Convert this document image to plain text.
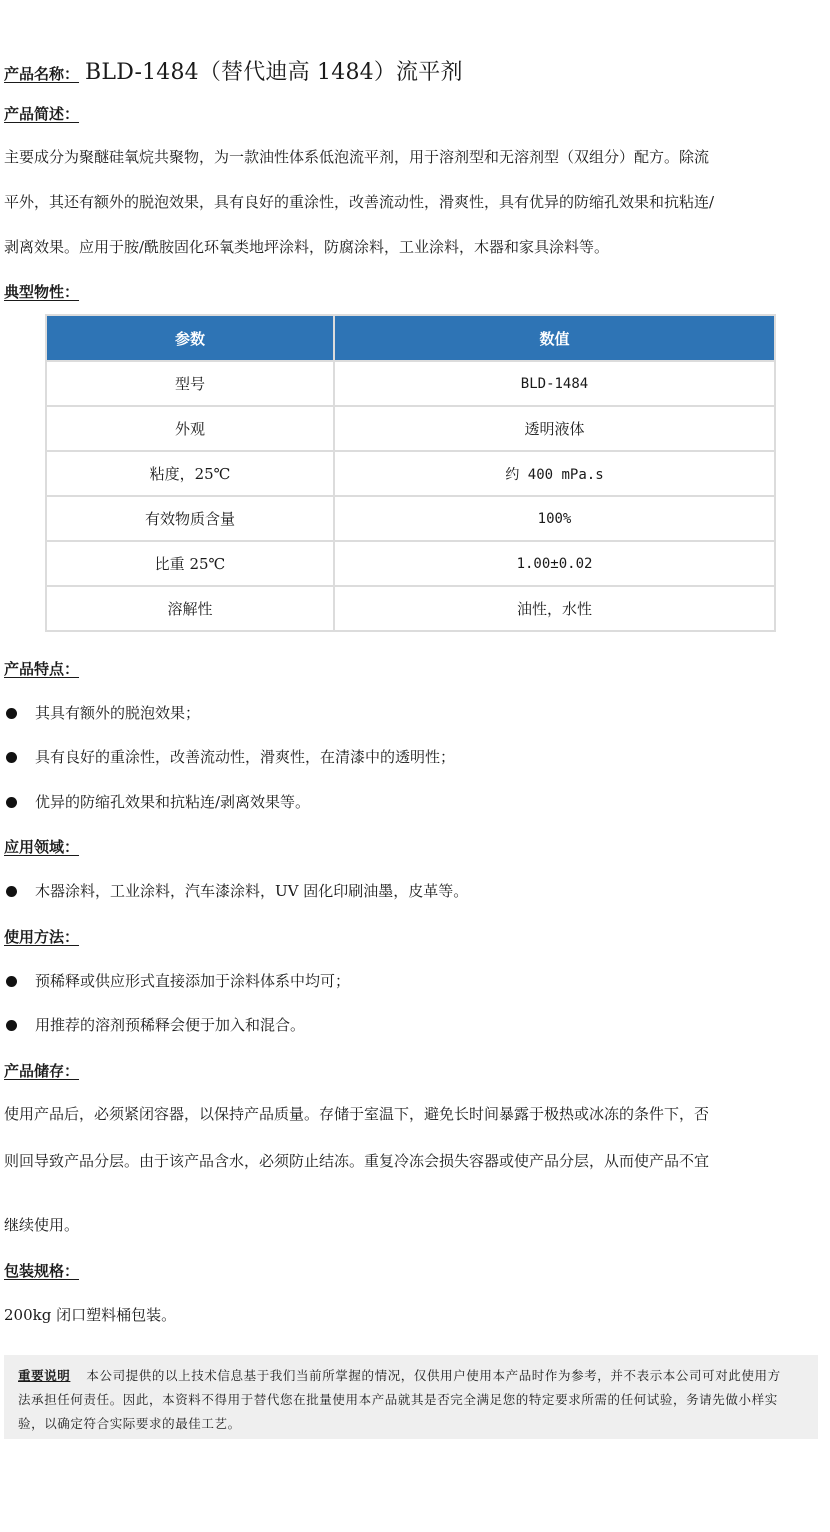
产品名称： BLD-1484（替代迪高 1484）流平剂
产品简述：
主要成分为聚醚硅氧烷共聚物，为一款油性体系低泡流平剂，用于溶剂型和无溶剂型（双组分）配方。除流
平外，其还有额外的脱泡效果，具有良好的重涂性，改善流动性，滑爽性，具有优异的防缩孔效果和抗粘连/
剥离效果。应用于胺/酰胺固化环氧类地坪涂料，防腐涂料，工业涂料，木器和家具涂料等。
典型物性：
参数	数值
型号	BLD-1484
外观	透明液体
粘度，25℃	约 400 mPa.s
有效物质含量	100%
比重 25℃	1.00±0.02
溶解性	油性，水性
产品特点：
其具有额外的脱泡效果；
具有良好的重涂性，改善流动性，滑爽性，在清漆中的透明性；
优异的防缩孔效果和抗粘连/剥离效果等。
应用领域：
木器涂料，工业涂料，汽车漆涂料，UV 固化印刷油墨，皮革等。
使用方法：
预稀释或供应形式直接添加于涂料体系中均可；
用推荐的溶剂预稀释会便于加入和混合。
产品储存：
使用产品后，必须紧闭容器，以保持产品质量。存储于室温下，避免长时间暴露于极热或冰冻的条件下，否
则回导致产品分层。由于该产品含水，必须防止结冻。重复冷冻会损失容器或使产品分层，从而使产品不宜
继续使用。
包装规格：
200kg 闭口塑料桶包装。
重要说明 本公司提供的以上技术信息基于我们当前所掌握的情况，仅供用户使用本产品时作为参考，并不表示本公司可对此使用方法承担任何责任。因此，本资料不得用于替代您在批量使用本产品就其是否完全满足您的特定要求所需的任何试验，务请先做小样实验，以确定符合实际要求的最佳工艺。
